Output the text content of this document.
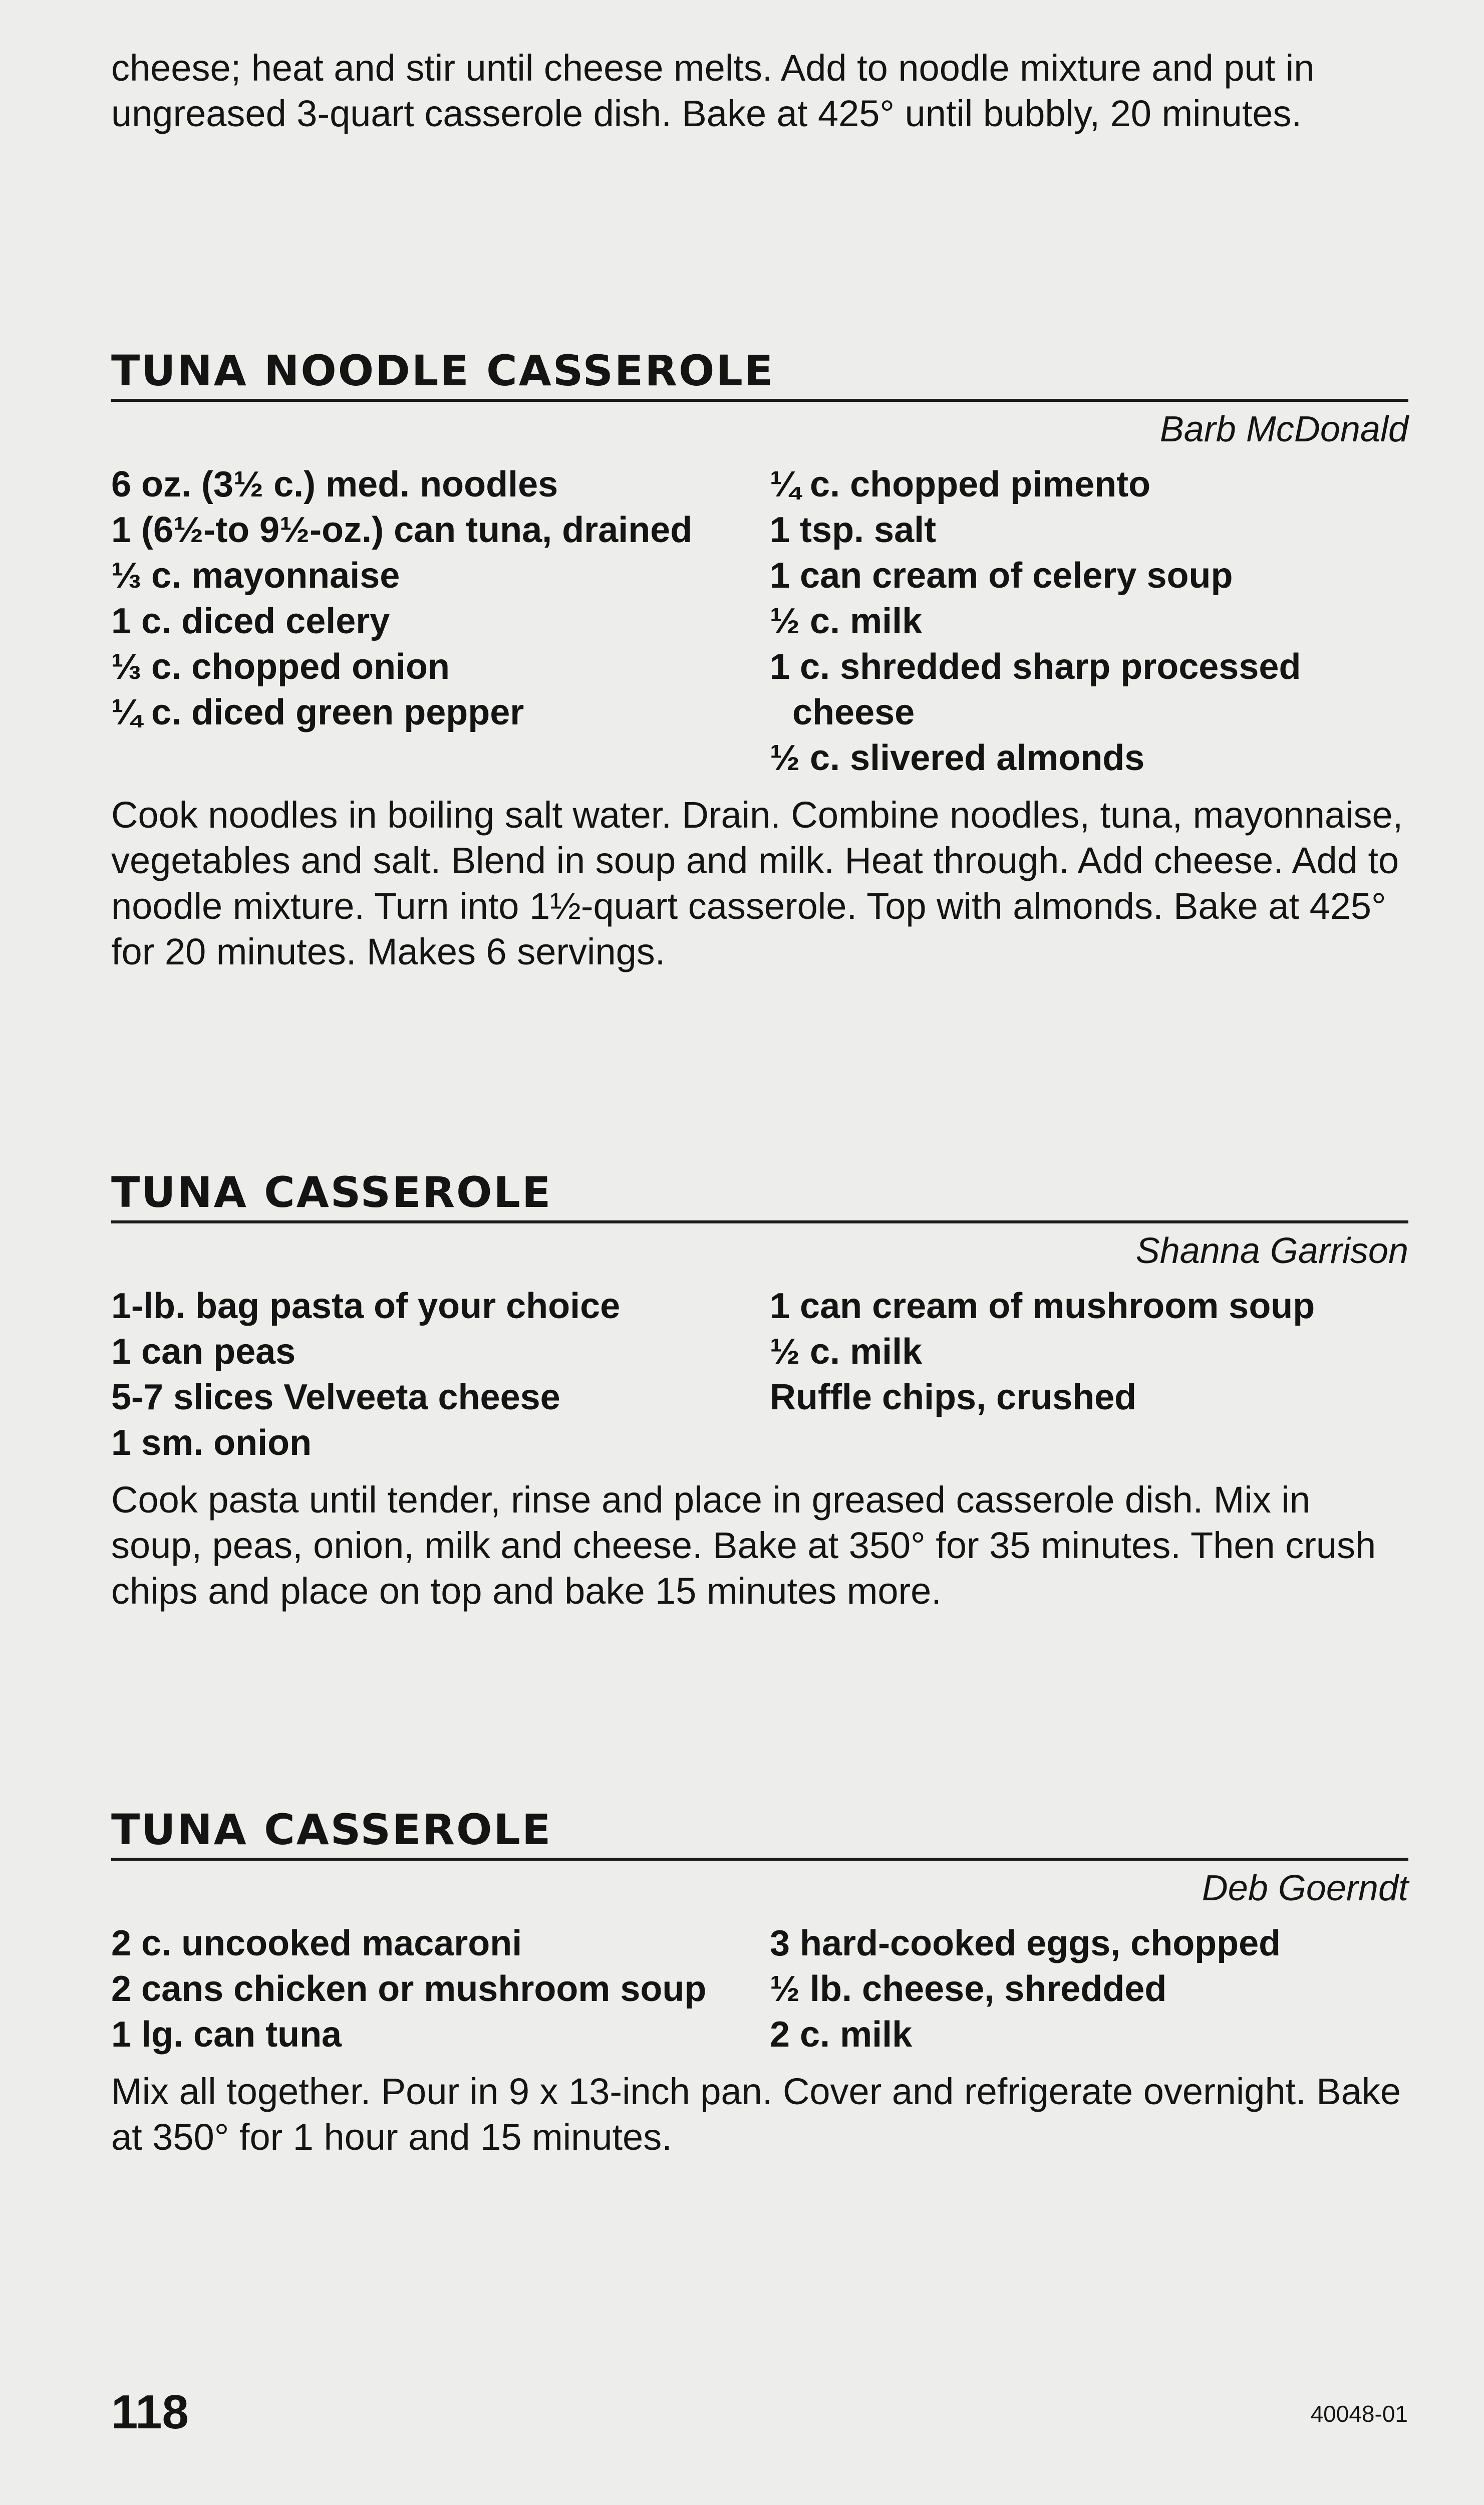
cheese; heat and stir until cheese melts. Add to noodle mixture and put in ungreased 3-quart casserole dish. Bake at 425° until bubbly, 20 minutes.

TUNA NOODLE CASSEROLE

Barb McDonald

6 oz. (3½ c.) med. noodles
1 (6½-to 9½-oz.) can tuna, drained
⅓ c. mayonnaise
1 c. diced celery
⅓ c. chopped onion
¼ c. diced green pepper
¼ c. chopped pimento
1 tsp. salt
1 can cream of celery soup
½ c. milk
1 c. shredded sharp processed cheese
½ c. slivered almonds

Cook noodles in boiling salt water. Drain. Combine noodles, tuna, mayonnaise, vegetables and salt. Blend in soup and milk. Heat through. Add cheese. Add to noodle mixture. Turn into 1½-quart casserole. Top with almonds. Bake at 425° for 20 minutes. Makes 6 servings.

TUNA CASSEROLE

Shanna Garrison

1-lb. bag pasta of your choice
1 can peas
5-7 slices Velveeta cheese
1 sm. onion
1 can cream of mushroom soup
½ c. milk
Ruffle chips, crushed

Cook pasta until tender, rinse and place in greased casserole dish. Mix in soup, peas, onion, milk and cheese. Bake at 350° for 35 minutes. Then crush chips and place on top and bake 15 minutes more.

TUNA CASSEROLE

Deb Goerndt

2 c. uncooked macaroni
2 cans chicken or mushroom soup
1 lg. can tuna
3 hard-cooked eggs, chopped
½ lb. cheese, shredded
2 c. milk

Mix all together. Pour in 9 x 13-inch pan. Cover and refrigerate overnight. Bake at 350° for 1 hour and 15 minutes.

118	40048-01
